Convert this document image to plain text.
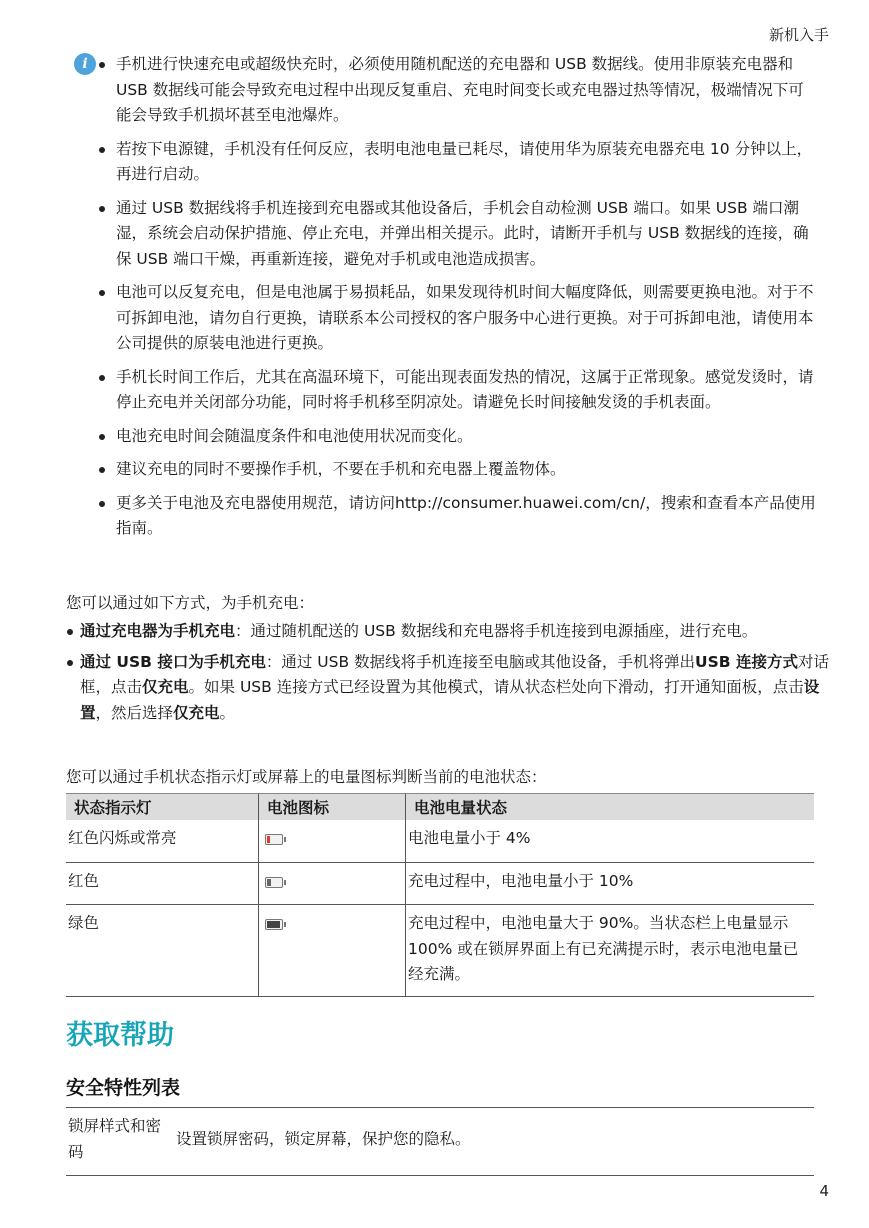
新机入手
i	手机进行快速充电或超级快充时，必须使用随机配送的充电器和 USB 数据线。使用非原装充电器和 USB 数据线可能会导致充电过程中出现反复重启、充电时间变长或充电器过热等情况，极端情况下可能会导致手机损坏甚至电池爆炸。
若按下电源键，手机没有任何反应，表明电池电量已耗尽，请使用华为原装充电器充电 10 分钟以上，再进行启动。
通过 USB 数据线将手机连接到充电器或其他设备后，手机会自动检测 USB 端口。如果 USB 端口潮湿，系统会启动保护措施、停止充电，并弹出相关提示。此时，请断开手机与 USB 数据线的连接，确保 USB 端口干燥，再重新连接，避免对手机或电池造成损害。
电池可以反复充电，但是电池属于易损耗品，如果发现待机时间大幅度降低，则需要更换电池。对于不可拆卸电池，请勿自行更换，请联系本公司授权的客户服务中心进行更换。对于可拆卸电池，请使用本公司提供的原装电池进行更换。
手机长时间工作后，尤其在高温环境下，可能出现表面发热的情况，这属于正常现象。感觉发烫时，请停止充电并关闭部分功能，同时将手机移至阴凉处。请避免长时间接触发烫的手机表面。
电池充电时间会随温度条件和电池使用状况而变化。
建议充电的同时不要操作手机，不要在手机和充电器上覆盖物体。
更多关于电池及充电器使用规范，请访问http://consumer.huawei.com/cn/，搜索和查看本产品使用指南。
您可以通过如下方式，为手机充电：
通过充电器为手机充电：通过随机配送的 USB 数据线和充电器将手机连接到电源插座，进行充电。
通过 USB 接口为手机充电：通过 USB 数据线将手机连接至电脑或其他设备，手机将弹出USB 连接方式对话框，点击仅充电。如果 USB 连接方式已经设置为其他模式，请从状态栏处向下滑动，打开通知面板，点击设置，然后选择仅充电。
您可以通过手机状态指示灯或屏幕上的电量图标判断当前的电池状态：
状态指示灯	电池图标	电池电量状态
红色闪烁或常亮		电池电量小于 4%
红色		充电过程中，电池电量小于 10%
绿色		充电过程中，电池电量大于 90%。当状态栏上电量显示 100% 或在锁屏界面上有已充满提示时，表示电池电量已经充满。
获取帮助
安全特性列表
锁屏样式和密码	设置锁屏密码，锁定屏幕，保护您的隐私。
4
